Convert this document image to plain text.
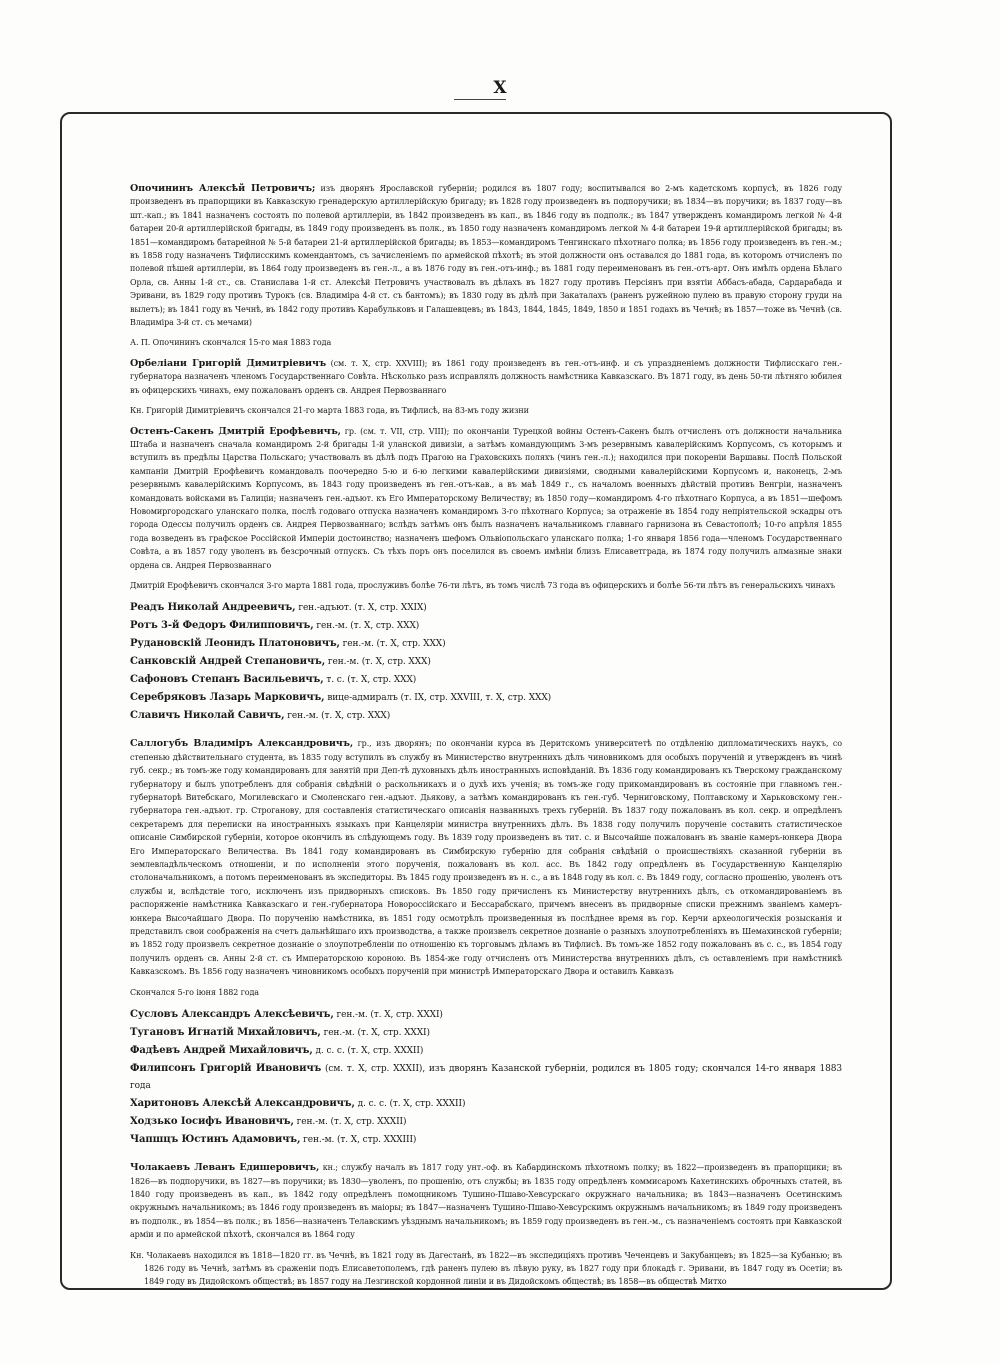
X

Опочининъ Алексѣй Петровичъ; изъ дворянъ Ярославской губерніи; родился въ 1807 году; воспитывался во 2-мъ кадетскомъ корпусѣ, въ 1826 году произведенъ въ прапорщики въ Кавказскую гренадерскую артиллерійскую бригаду; въ 1828 году произведенъ въ подпоручики; въ 1834—въ поручики; въ 1837 году—въ шт.-кап.; въ 1841 назначенъ состоять по полевой артиллеріи, въ 1842 произведенъ въ кап., въ 1846 году въ подполк.; въ 1847 утвержденъ командиромъ легкой № 4-й батареи 20-й артиллерійской бригады, въ 1849 году произведенъ въ полк., въ 1850 году назначенъ командиромъ легкой № 4-й батареи 19-й артиллерійской бригады; въ 1851—командиромъ батарейной № 5-й батареи 21-й артиллерійской бригады; въ 1853—командиромъ Тенгинскаго пѣхотнаго полка; въ 1856 году произведенъ въ ген.-м.; въ 1858 году назначенъ Тифлисскимъ комендантомъ, съ зачисленіемъ по армейской пѣхотѣ; въ этой должности онъ оставался до 1881 года, въ которомъ отчисленъ по полевой пѣшей артиллеріи, въ 1864 году произведенъ въ ген.-л., а въ 1876 году въ ген.-отъ-инф.; въ 1881 году переименованъ въ ген.-отъ-арт. Онъ имѣлъ ордена Бѣлаго Орла, св. Анны 1-й ст., св. Станислава 1-й ст. Алексѣй Петровичъ участвовалъ въ дѣлахъ въ 1827 году противъ Персіянъ при взятіи Аббасъ-абада, Сардарабада и Эривани, въ 1829 году противъ Турокъ (св. Владиміра 4-й ст. съ бантомъ); въ 1830 году въ дѣлѣ при Закаталахъ (раненъ ружейною пулею въ правую сторону груди на вылетъ); въ 1841 году въ Чечнѣ, въ 1842 году противъ Карабульковъ и Галашевцевъ; въ 1843, 1844, 1845, 1849, 1850 и 1851 годахъ въ Чечнѣ; въ 1857—тоже въ Чечнѣ (св. Владиміра 3-й ст. съ мечами)

А. П. Опочининъ скончался 15-го мая 1883 года

Орбеліани Григорій Димитріевичъ (см. т. X, стр. XXVIII); въ 1861 году произведенъ въ ген.-отъ-инф. и съ упраздненіемъ должности Тифлисскаго ген.-губернатора назначенъ членомъ Государственнаго Совѣта. Нѣсколько разъ исправлялъ должность намѣстника Кавказскаго. Въ 1871 году, въ день 50-ти лѣтняго юбилея въ офицерскихъ чинахъ, ему пожалованъ орденъ св. Андрея Первозваннаго

Кн. Григорій Димитріевичъ скончался 21-го марта 1883 года, въ Тифлисѣ, на 83-мъ году жизни

Остенъ-Сакенъ Дмитрій Ерофѣевичъ, гр. (см. т. VII, стр. VIII); по окончаніи Турецкой войны Остенъ-Сакенъ былъ отчисленъ отъ должности начальника Штаба и назначенъ сначала командиромъ 2-й бригады 1-й уланской дивизіи, а затѣмъ командующимъ 3-мъ резервнымъ кавалерійскимъ Корпусомъ, съ которымъ и вступилъ въ предѣлы Царства Польскаго; участвовалъ въ дѣлѣ подъ Прагою на Граховскихъ поляхъ (чинъ ген.-л.); находился при покореніи Варшавы. Послѣ Польской кампаніи Дмитрій Ерофѣевичъ командовалъ поочередно 5-ю и 6-ю легкими кавалерійскими дивизіями, сводными кавалерійскими Корпусомъ и, наконецъ, 2-мъ резервнымъ кавалерійскимъ Корпусомъ, въ 1843 году произведенъ въ ген.-отъ-кав., а въ маѣ 1849 г., съ началомъ военныхъ дѣйствій противъ Венгріи, назначенъ командовать войсками въ Галиціи; назначенъ ген.-адъют. къ Его Императорскому Величеству; въ 1850 году—командиромъ 4-го пѣхотнаго Корпуса, а въ 1851—шефомъ Новомиргородскаго уланскаго полка, послѣ годоваго отпуска назначенъ командиромъ 3-го пѣхотнаго Корпуса; за отраженіе въ 1854 году непріятельской эскадры отъ города Одессы получилъ орденъ св. Андрея Первозваннаго; вслѣдъ затѣмъ онъ былъ назначенъ начальникомъ главнаго гарнизона въ Севастополѣ; 10-го апрѣля 1855 года возведенъ въ графское Россійской Имперіи достоинство; назначенъ шефомъ Ольвіопольскаго уланскаго полка; 1-го января 1856 года—членомъ Государственнаго Совѣта, а въ 1857 году уволенъ въ безсрочный отпускъ. Съ тѣхъ поръ онъ поселился въ своемъ имѣніи близъ Елисаветграда, въ 1874 году получилъ алмазные знаки ордена св. Андрея Первозваннаго

Дмитрій Ерофѣевичъ скончался 3-го марта 1881 года, прослуживъ болѣе 76-ти лѣтъ, въ томъ числѣ 73 года въ офицерскихъ и болѣе 56-ти лѣтъ въ генеральскихъ чинахъ

Реадъ Николай Андреевичъ, ген.-адъют. (т. X, стр. XXIX)

Ротъ 3-й Федоръ Филипповичъ, ген.-м. (т. X, стр. XXX)

Рудановскій Леонидъ Платоновичъ, ген.-м. (т. X, стр. XXX)

Санковскій Андрей Степановичъ, ген.-м. (т. X, стр. XXX)

Сафоновъ Степанъ Васильевичъ, т. с. (т. X, стр. XXX)

Серебряковъ Лазарь Марковичъ, вице-адмиралъ (т. IX, стр. XXVIII, т. X, стр. XXX)

Славичъ Николай Савичъ, ген.-м. (т. X, стр. XXX)

Саллогубъ Владиміръ Александровичъ, гр., изъ дворянъ; по окончаніи курса въ Деритскомъ университетѣ по отдѣленію дипломатическихъ наукъ, со степенью дѣйствительнаго студента, въ 1835 году вступилъ въ службу въ Министерство внутреннихъ дѣлъ чиновникомъ для особыхъ порученій и утвержденъ въ чинѣ губ. секр.; въ томъ-же году командированъ для занятій при Деп-тѣ духовныхъ дѣлъ иностранныхъ исповѣданій. Въ 1836 году командированъ къ Тверскому гражданскому губернатору и былъ употребленъ для собранія свѣдѣній о раскольникахъ и о духѣ ихъ ученія; въ томъ-же году прикомандированъ въ состояніе при главномъ ген.-губернаторѣ Витебскаго, Могилевскаго и Смоленскаго ген.-адъют. Дьякову, а затѣмъ командированъ къ ген.-губ. Черниговскому, Полтавскому и Харьковскому ген.-губернатора ген.-адъют. гр. Строганову, для составленія статистическаго описанія названныхъ трехъ губерній. Въ 1837 году пожалованъ въ кол. секр. и опредѣленъ секретаремъ для переписки на иностранныхъ языкахъ при Канцеляріи министра внутреннихъ дѣлъ. Въ 1838 году получилъ порученіе составить статистическое описаніе Симбирской губерніи, которое окончилъ въ слѣдующемъ году. Въ 1839 году произведенъ въ тит. с. и Высочайше пожалованъ въ званіе камеръ-юнкера Двора Его Императорскаго Величества. Въ 1841 году командированъ въ Симбирскую губернію для собранія свѣдѣній о происшествіяхъ сказанной губерніи въ землевладѣльческомъ отношеніи, и по исполненіи этого порученія, пожалованъ въ кол. асс. Въ 1842 году опредѣленъ въ Государственную Канцелярію столоначальникомъ, а потомъ переименованъ въ экспедиторы. Въ 1845 году произведенъ въ н. с., а въ 1848 году въ кол. с. Въ 1849 году, согласно прошенію, уволенъ отъ службы и, вслѣдствіе того, исключенъ изъ придворныхъ списковъ. Въ 1850 году причисленъ къ Министерству внутреннихъ дѣлъ, съ откомандированіемъ въ распоряженіе намѣстника Кавказскаго и ген.-губернатора Новороссійскаго и Бессарабскаго, причемъ внесенъ въ придворные списки прежнимъ званіемъ камеръ-юнкера Высочайшаго Двора. По порученію намѣстника, въ 1851 году осмотрѣлъ произведенныя въ послѣднее время въ гор. Керчи археологическія розысканія и представилъ свои соображенія на счетъ дальнѣйшаго ихъ производства, а также произвелъ секретное дознаніе о разныхъ злоупотребленіяхъ въ Шемахинской губерніи; въ 1852 году произвелъ секретное дознаніе о злоупотребленіи по отношенію къ торговымъ дѣламъ въ Тифлисѣ. Въ томъ-же 1852 году пожалованъ въ с. с., въ 1854 году получилъ орденъ св. Анны 2-й ст. съ Императорскою короною. Въ 1854-же году отчисленъ отъ Министерства внутреннихъ дѣлъ, съ оставленіемъ при намѣстникѣ Кавказскомъ. Въ 1856 году назначенъ чиновникомъ особыхъ порученій при министрѣ Императорскаго Двора и оставилъ Кавказъ

Скончался 5-го іюня 1882 года

Сусловъ Александръ Алексѣевичъ, ген.-м. (т. X, стр. XXXI)

Тугановъ Игнатій Михайловичъ, ген.-м. (т. X, стр. XXXI)

Фадѣевъ Андрей Михайловичъ, д. с. с. (т. X, стр. XXXII)

Филипсонъ Григорій Ивановичъ (см. т. X, стр. XXXII), изъ дворянъ Казанской губерніи, родился въ 1805 году; скончался 14-го января 1883 года

Харитоновъ Алексѣй Александровичъ, д. с. с. (т. X, стр. XXXII)

Ходзько Іосифъ Ивановичъ, ген.-м. (т. X, стр. XXXII)

Чапшцъ Юстинъ Адамовичъ, ген.-м. (т. X, стр. XXXIII)

Чолакаевъ Леванъ Едишеровичъ, кн.; службу началъ въ 1817 году унт.-оф. въ Кабардинскомъ пѣхотномъ полку; въ 1822—произведенъ въ прапорщики; въ 1826—въ подпоручики, въ 1827—въ поручики; въ 1830—уволенъ, по прошенію, отъ службы; въ 1835 году опредѣленъ коммисаромъ Кахетинскихъ оброчныхъ статей, въ 1840 году произведенъ въ кап., въ 1842 году опредѣленъ помощникомъ Тушино-Пшаво-Хевсурскаго окружнаго начальника; въ 1843—назначенъ Осетинскимъ окружнымъ начальникомъ; въ 1846 году произведенъ въ маіоры; въ 1847—назначенъ Тушино-Пшаво-Хевсурскимъ окружнымъ начальникомъ; въ 1849 году произведенъ въ подполк., въ 1854—въ полк.; въ 1856—назначенъ Телавскимъ уѣзднымъ начальникомъ; въ 1859 году произведенъ въ ген.-м., съ назначеніемъ состоять при Кавказской арміи и по армейской пѣхотѣ, скончался въ 1864 году

Кн. Чолакаевъ находился въ 1818—1820 гг. въ Чечнѣ, въ 1821 году въ Дагестанѣ, въ 1822—въ экспедиціяхъ противъ Чеченцевъ и Закубанцевъ; въ 1825—за Кубанью; въ 1826 году въ Чечнѣ, затѣмъ въ сраженіи подъ Елисаветополемъ, гдѣ раненъ пулею въ лѣвую руку, въ 1827 году при блокадѣ г. Эривани, въ 1847 году въ Осетіи; въ 1849 году въ Дидойскомъ обществѣ; въ 1857 году на Лезгинской кордонной линіи и въ Дидойскомъ обществѣ; въ 1858—въ обществѣ Митхо
